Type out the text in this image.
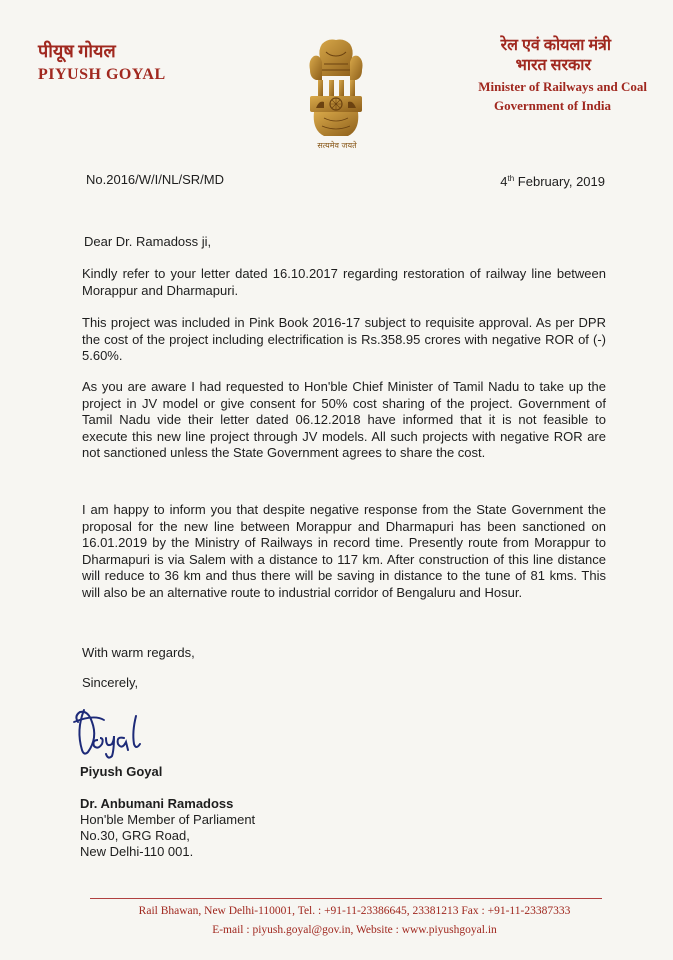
पीयूष गोयल
PIYUSH GOYAL
सत्यमेव जयते
रेल एवं कोयला मंत्री
भारत सरकार
Minister of Railways and Coal
Government of India
No.2016/W/I/NL/SR/MD	4th February, 2019
Dear Dr. Ramadoss ji,
Kindly refer to your letter dated 16.10.2017 regarding restoration of railway line between Morappur and Dharmapuri.
This project was included in Pink Book 2016-17 subject to requisite approval. As per DPR the cost of the project including electrification is Rs.358.95 crores with negative ROR of (-) 5.60%.
As you are aware I had requested to Hon'ble Chief Minister of Tamil Nadu to take up the project in JV model or give consent for 50% cost sharing of the project. Government of Tamil Nadu vide their letter dated 06.12.2018 have informed that it is not feasible to execute this new line project through JV models. All such projects with negative ROR are not sanctioned unless the State Government agrees to share the cost.
I am happy to inform you that despite negative response from the State Government the proposal for the new line between Morappur and Dharmapuri has been sanctioned on 16.01.2019 by the Ministry of Railways in record time. Presently route from Morappur to Dharmapuri is via Salem with a distance to 117 km. After construction of this line distance will reduce to 36 km and thus there will be saving in distance to the tune of 81 kms. This will also be an alternative route to industrial corridor of Bengaluru and Hosur.
With warm regards,
Sincerely,
Piyush Goyal
Dr. Anbumani Ramadoss
Hon'ble Member of Parliament
No.30, GRG Road,
New Delhi-110 001.
Rail Bhawan, New Delhi-110001, Tel. : +91-11-23386645, 23381213 Fax : +91-11-23387333
E-mail : piyush.goyal@gov.in, Website : www.piyushgoyal.in
